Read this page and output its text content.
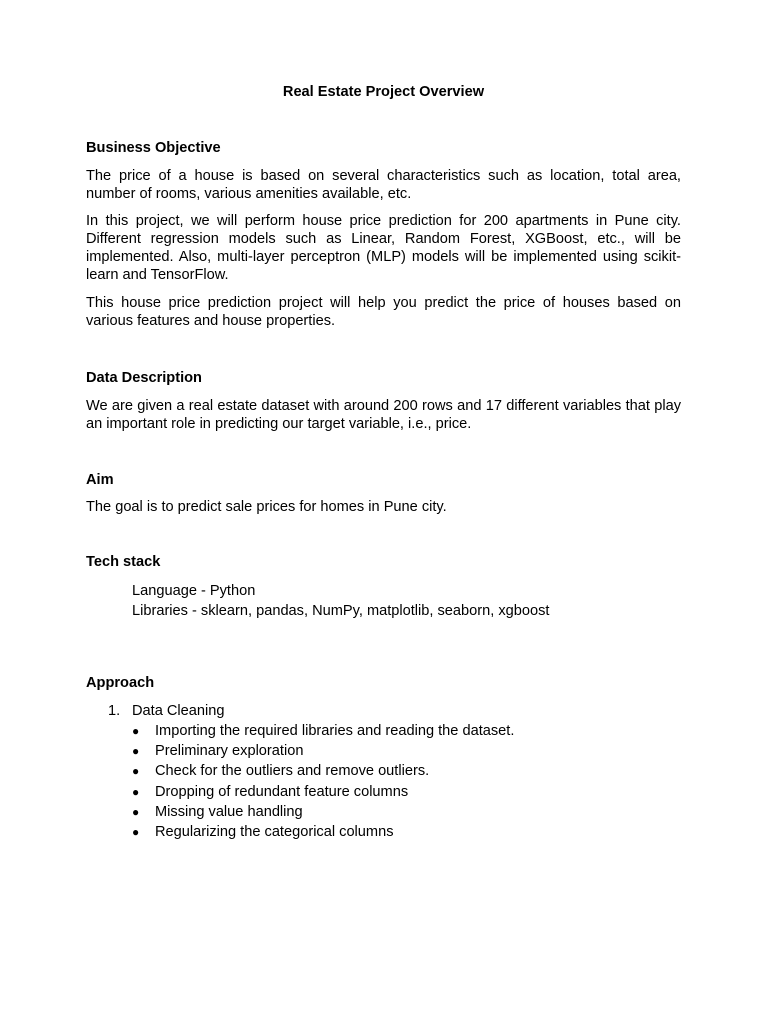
Real Estate Project Overview
Business Objective

The price of a house is based on several characteristics such as location, total area, number of rooms, various amenities available, etc.

In this project, we will perform house price prediction for 200 apartments in Pune city. Different regression models such as Linear, Random Forest, XGBoost, etc., will be implemented. Also, multi-layer perceptron (MLP) models will be implemented using scikit-learn and TensorFlow.

This house price prediction project will help you predict the price of houses based on various features and house properties.

Data Description

We are given a real estate dataset with around 200 rows and 17 different variables that play an important role in predicting our target variable, i.e., price.

Aim

The goal is to predict sale prices for homes in Pune city.

Tech stack
Language - Python
Libraries - sklearn, pandas, NumPy, matplotlib, seaborn, xgboost
Approach
1. Data Cleaning
● Importing the required libraries and reading the dataset.
● Preliminary exploration
● Check for the outliers and remove outliers.
● Dropping of redundant feature columns
● Missing value handling
● Regularizing the categorical columns
